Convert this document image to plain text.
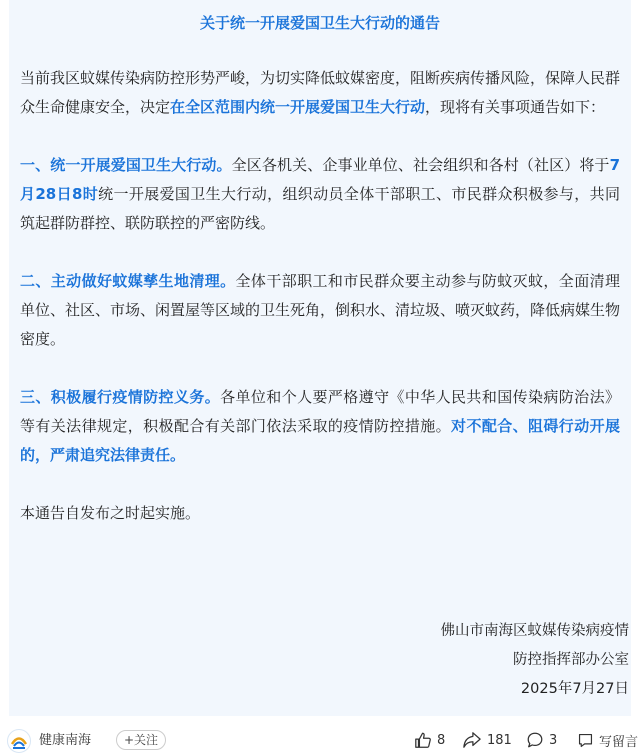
关于统一开展爱国卫生大行动的通告

当前我区蚊媒传染病防控形势严峻，为切实降低蚊媒密度，阻断疾病传播风险，保障人民群众生命健康安全，决定在全区范围内统一开展爱国卫生大行动，现将有关事项通告如下：

一、统一开展爱国卫生大行动。全区各机关、企事业单位、社会组织和各村（社区）将于7月28日8时统一开展爱国卫生大行动，组织动员全体干部职工、市民群众积极参与，共同筑起群防群控、联防联控的严密防线。

二、主动做好蚊媒孳生地清理。全体干部职工和市民群众要主动参与防蚊灭蚊，全面清理单位、社区、市场、闲置屋等区域的卫生死角，倒积水、清垃圾、喷灭蚊药，降低病媒生物密度。

三、积极履行疫情防控义务。各单位和个人要严格遵守《中华人民共和国传染病防治法》等有关法律规定，积极配合有关部门依法采取的疫情防控措施。对不配合、阻碍行动开展的，严肃追究法律责任。

本通告自发布之时起实施。

佛山市南海区蚊媒传染病疫情
防控指挥部办公室
2025年7月27日
健康南海	+关注	8	181	3	写留言
